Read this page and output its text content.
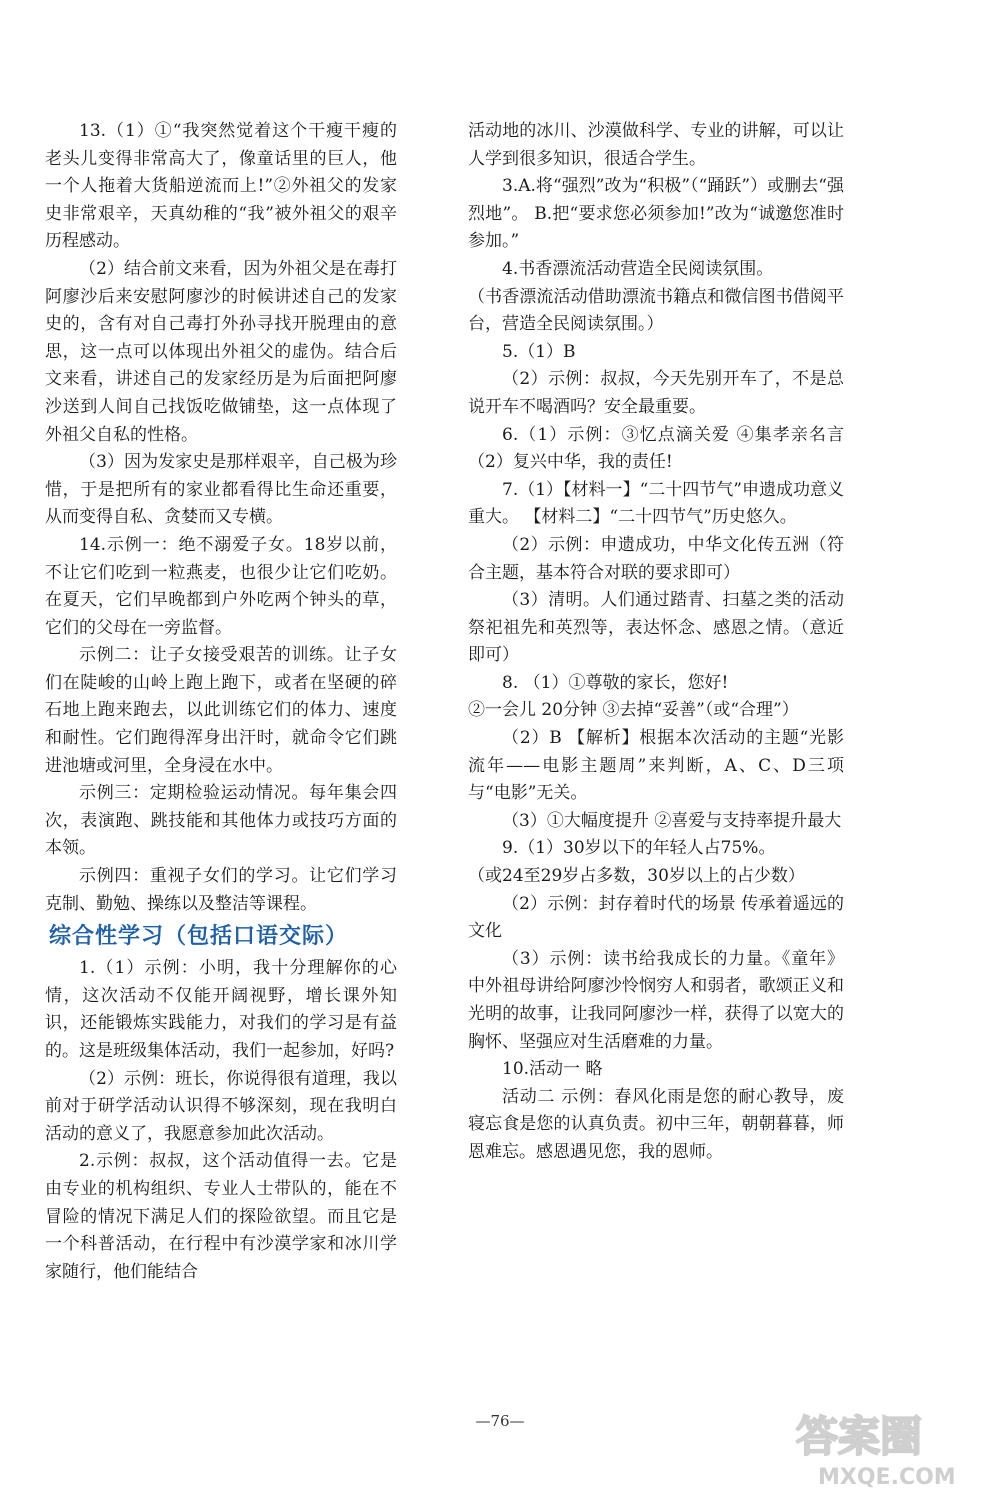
13.（1）①“我突然觉着这个干瘦干瘦的老头儿变得非常高大了，像童话里的巨人，他一个人拖着大货船逆流而上!”②外祖父的发家史非常艰辛，天真幼稚的“我”被外祖父的艰辛历程感动。

（2）结合前文来看，因为外祖父是在毒打阿廖沙后来安慰阿廖沙的时候讲述自己的发家史的，含有对自己毒打外孙寻找开脱理由的意思，这一点可以体现出外祖父的虚伪。结合后文来看，讲述自己的发家经历是为后面把阿廖沙送到人间自己找饭吃做铺垫，这一点体现了外祖父自私的性格。

（3）因为发家史是那样艰辛，自己极为珍惜，于是把所有的家业都看得比生命还重要，从而变得自私、贪婪而又专横。

14.示例一：绝不溺爱子女。18岁以前，不让它们吃到一粒燕麦，也很少让它们吃奶。在夏天，它们早晚都到户外吃两个钟头的草，它们的父母在一旁监督。

示例二：让子女接受艰苦的训练。让子女们在陡峻的山岭上跑上跑下，或者在坚硬的碎石地上跑来跑去，以此训练它们的体力、速度和耐性。它们跑得浑身出汗时，就命令它们跳进池塘或河里，全身浸在水中。

示例三：定期检验运动情况。每年集会四次，表演跑、跳技能和其他体力或技巧方面的本领。

示例四：重视子女们的学习。让它们学习克制、勤勉、操练以及整洁等课程。

综合性学习（包括口语交际）

1.（1）示例：小明，我十分理解你的心情，这次活动不仅能开阔视野，增长课外知识，还能锻炼实践能力，对我们的学习是有益的。这是班级集体活动，我们一起参加，好吗?

（2）示例：班长，你说得很有道理，我以前对于研学活动认识得不够深刻，现在我明白活动的意义了，我愿意参加此次活动。

2.示例：叔叔，这个活动值得一去。它是由专业的机构组织、专业人士带队的，能在不冒险的情况下满足人们的探险欲望。而且它是一个科普活动，在行程中有沙漠学家和冰川学家随行，他们能结合

活动地的冰川、沙漠做科学、专业的讲解，可以让人学到很多知识，很适合学生。

3.A.将“强烈”改为“积极”（“踊跃”）或删去“强烈地”。 B.把“要求您必须参加!”改为“诚邀您准时参加。”

4.书香漂流活动营造全民阅读氛围。

（书香漂流活动借助漂流书籍点和微信图书借阅平台，营造全民阅读氛围。）

5.（1）B

（2）示例：叔叔，今天先别开车了，不是总说开车不喝酒吗？安全最重要。

6.（1）示例：③忆点滴关爱 ④集孝亲名言 （2）复兴中华，我的责任!

7.（1）【材料一】“二十四节气”申遗成功意义重大。 【材料二】“二十四节气”历史悠久。

（2）示例：申遗成功，中华文化传五洲（符合主题，基本符合对联的要求即可）

（3）清明。人们通过踏青、扫墓之类的活动祭祀祖先和英烈等，表达怀念、感恩之情。（意近即可）

8. （1）①尊敬的家长，您好!

②一会儿 20分钟 ③去掉“妥善”（或“合理”）

（2）B 【解析】根据本次活动的主题“光影流年——电影主题周”来判断，A、C、D三项与“电影”无关。

（3）①大幅度提升 ②喜爱与支持率提升最大

9.（1）30岁以下的年轻人占75%。

（或24至29岁占多数，30岁以上的占少数）

（2）示例：封存着时代的场景 传承着遥远的文化

（3）示例：读书给我成长的力量。《童年》中外祖母讲给阿廖沙怜悯穷人和弱者，歌颂正义和光明的故事，让我同阿廖沙一样，获得了以宽大的胸怀、坚强应对生活磨难的力量。

10.活动一 略

活动二 示例：春风化雨是您的耐心教导，废寝忘食是您的认真负责。初中三年，朝朝暮暮，师恩难忘。感恩遇见您，我的恩师。

—76—	答案圈
MXQE.COM
